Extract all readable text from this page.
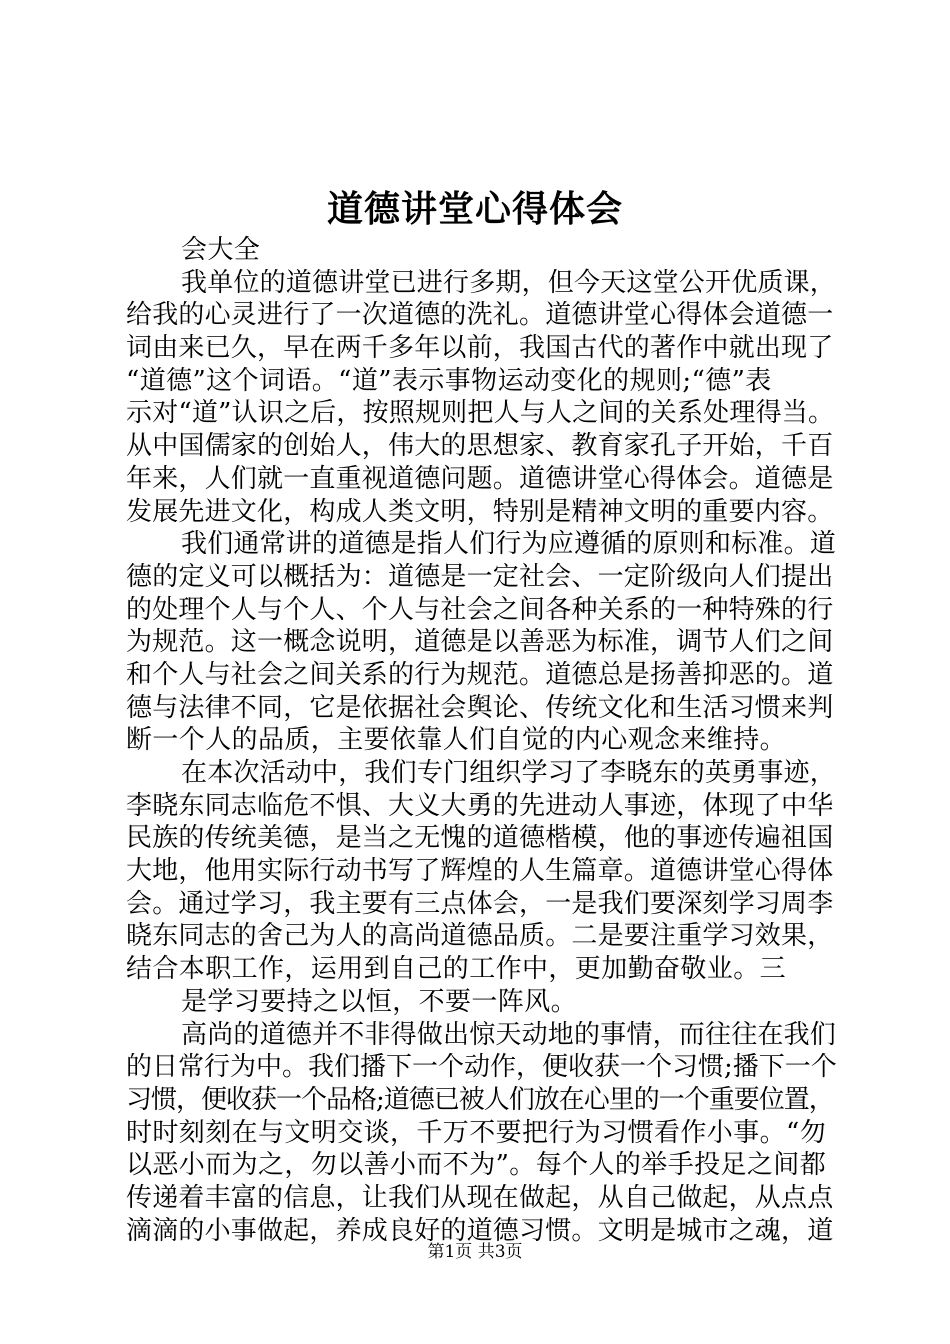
道德讲堂心得体会
会大全
我单位的道德讲堂已进行多期，但今天这堂公开优质课，
给我的心灵进行了一次道德的洗礼。道德讲堂心得体会道德一
词由来已久，早在两千多年以前，我国古代的著作中就出现了
“道德”这个词语。“道”表示事物运动变化的规则;“德”表
示对“道”认识之后，按照规则把人与人之间的关系处理得当。
从中国儒家的创始人，伟大的思想家、教育家孔子开始，千百
年来，人们就一直重视道德问题。道德讲堂心得体会。道德是
发展先进文化，构成人类文明，特别是精神文明的重要内容。
我们通常讲的道德是指人们行为应遵循的原则和标准。道
德的定义可以概括为：道德是一定社会、一定阶级向人们提出
的处理个人与个人、个人与社会之间各种关系的一种特殊的行
为规范。这一概念说明，道德是以善恶为标准，调节人们之间
和个人与社会之间关系的行为规范。道德总是扬善抑恶的。道
德与法律不同，它是依据社会舆论、传统文化和生活习惯来判
断一个人的品质，主要依靠人们自觉的内心观念来维持。
在本次活动中，我们专门组织学习了李晓东的英勇事迹，
李晓东同志临危不惧、大义大勇的先进动人事迹，体现了中华
民族的传统美德，是当之无愧的道德楷模，他的事迹传遍祖国
大地，他用实际行动书写了辉煌的人生篇章。道德讲堂心得体
会。通过学习，我主要有三点体会，一是我们要深刻学习周李
晓东同志的舍己为人的高尚道德品质。二是要注重学习效果，
结合本职工作，运用到自己的工作中，更加勤奋敬业。三
是学习要持之以恒，不要一阵风。
高尚的道德并不非得做出惊天动地的事情，而往往在我们
的日常行为中。我们播下一个动作，便收获一个习惯;播下一个
习惯，便收获一个品格;道德已被人们放在心里的一个重要位置，
时时刻刻在与文明交谈，千万不要把行为习惯看作小事。“勿
以恶小而为之，勿以善小而不为”。每个人的举手投足之间都
传递着丰富的信息，让我们从现在做起，从自己做起，从点点
滴滴的小事做起，养成良好的道德习惯。文明是城市之魂，道
第1页 共3页
